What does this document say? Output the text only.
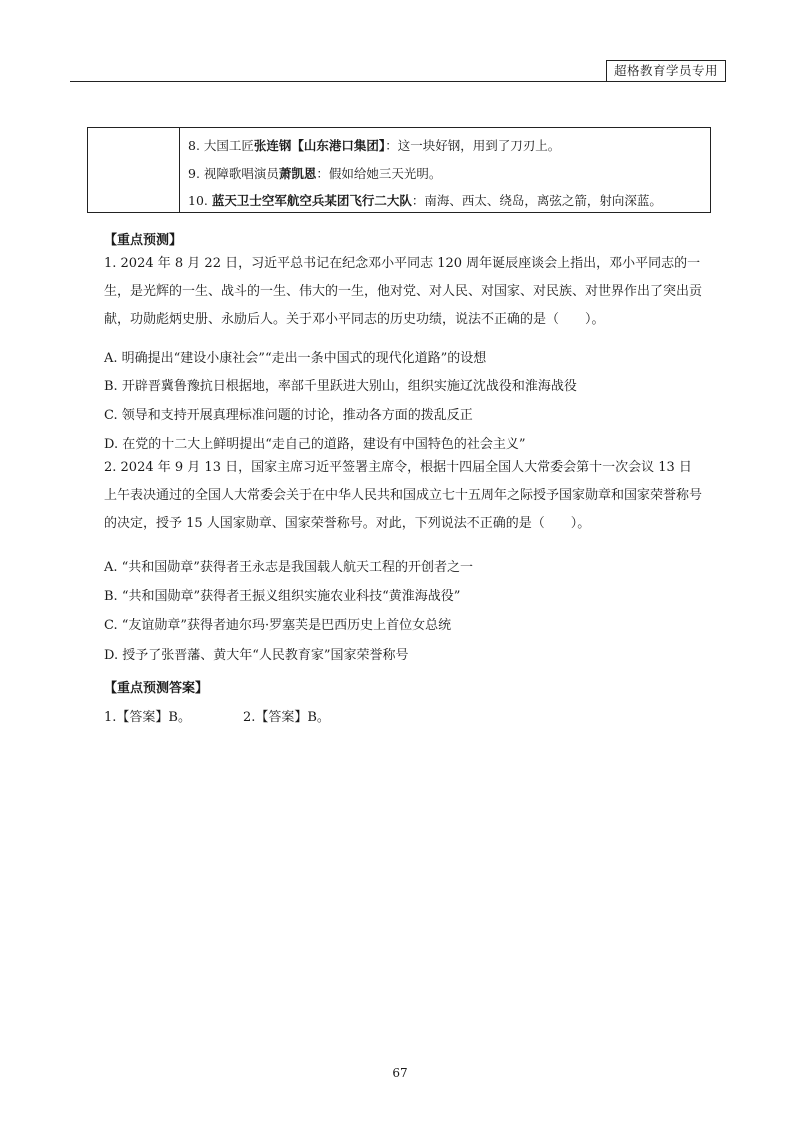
超格教育学员专用
8. 大国工匠张连钢【山东港口集团】：这一块好钢，用到了刀刃上。
9. 视障歌唱演员萧凯恩：假如给她三天光明。
10. 蓝天卫士空军航空兵某团飞行二大队：南海、西太、绕岛，离弦之箭，射向深蓝。
【重点预测】
1. 2024 年 8 月 22 日，习近平总书记在纪念邓小平同志 120 周年诞辰座谈会上指出，邓小平同志的一生，是光辉的一生、战斗的一生、伟大的一生，他对党、对人民、对国家、对民族、对世界作出了突出贡献，功勋彪炳史册、永励后人。关于邓小平同志的历史功绩，说法不正确的是（　　）。
A. 明确提出“建设小康社会”“走出一条中国式的现代化道路”的设想
B. 开辟晋冀鲁豫抗日根据地，率部千里跃进大别山，组织实施辽沈战役和淮海战役
C. 领导和支持开展真理标准问题的讨论，推动各方面的拨乱反正
D. 在党的十二大上鲜明提出“走自己的道路，建设有中国特色的社会主义”
2. 2024 年 9 月 13 日，国家主席习近平签署主席令，根据十四届全国人大常委会第十一次会议 13 日上午表决通过的全国人大常委会关于在中华人民共和国成立七十五周年之际授予国家勋章和国家荣誉称号的决定，授予 15 人国家勋章、国家荣誉称号。对此，下列说法不正确的是（　　）。
A. “共和国勋章”获得者王永志是我国载人航天工程的开创者之一
B. “共和国勋章”获得者王振义组织实施农业科技“黄淮海战役”
C. “友谊勋章”获得者迪尔玛·罗塞芙是巴西历史上首位女总统
D. 授予了张晋藩、黄大年“人民教育家”国家荣誉称号
【重点预测答案】
1.【答案】B。	2.【答案】B。
67
